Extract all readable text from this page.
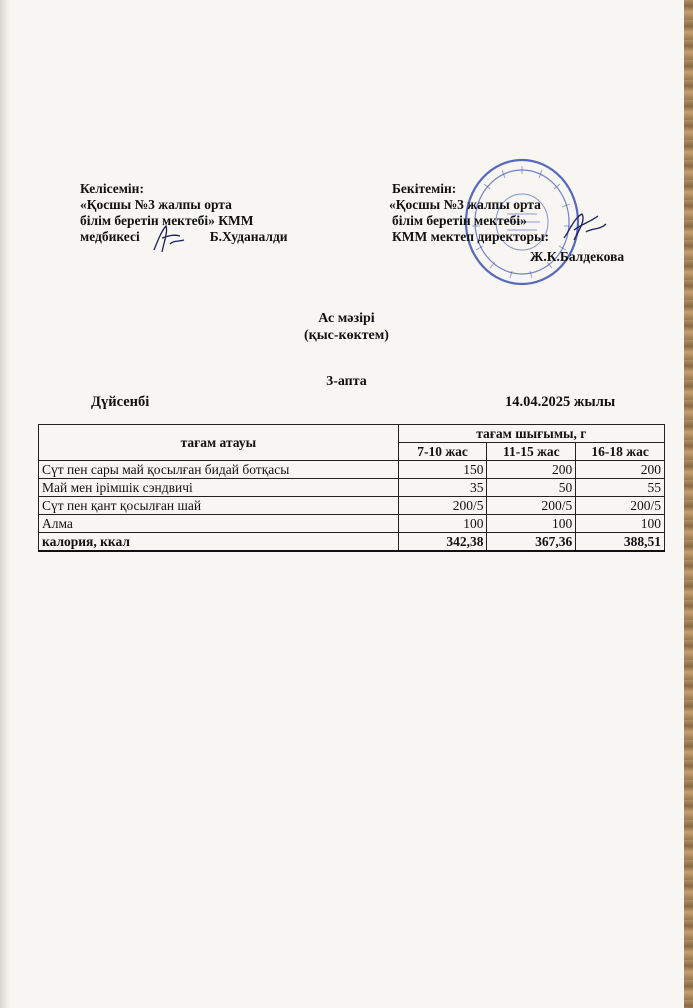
Келісемін:
«Қосшы №3 жалпы орта
білім беретін мектебі» КММ
медбикесі	Б.Худаналди
Бекітемін:
«Қосшы №3 жалпы орта
білім беретін мектебі»
КММ мектеп директоры:
Ж.К.Балдекова
Ас мәзірі
(қыс-көктем)
3-апта
Дүйсенбі	14.04.2025 жылы
тағам атауы	тағам шығымы, г		
	7-10 жас	11-15 жас	16-18 жас
Сүт пен сары май қосылған бидай ботқасы	150	200	200
Май мен ірімшік сэндвичі	35	50	55
Сүт пен қант қосылған шай	200/5	200/5	200/5
Алма	100	100	100
калория, ккал	342,38	367,36	388,51
